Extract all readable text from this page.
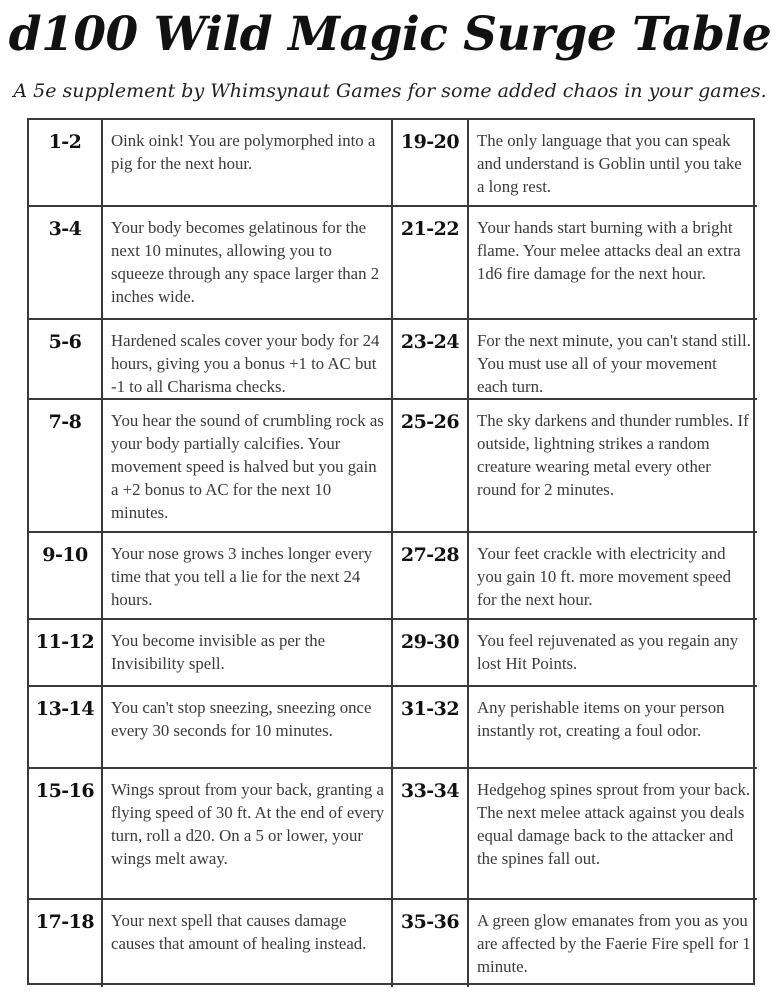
d100 Wild Magic Surge Table
A 5e supplement by Whimsynaut Games for some added chaos in your games.
1-2	Oink oink! You are polymorphed into a pig for the next hour.
3-4	Your body becomes gelatinous for the next 10 minutes, allowing you to squeeze through any space larger than 2 inches wide.
5-6	Hardened scales cover your body for 24 hours, giving you a bonus +1 to AC but -1 to all Charisma checks.
7-8	You hear the sound of crumbling rock as your body partially calcifies. Your movement speed is halved but you gain a +2 bonus to AC for the next 10 minutes.
9-10	Your nose grows 3 inches longer every time that you tell a lie for the next 24 hours.
11-12	You become invisible as per the Invisibility spell.
13-14	You can't stop sneezing, sneezing once every 30 seconds for 10 minutes.
15-16	Wings sprout from your back, granting a flying speed of 30 ft. At the end of every turn, roll a d20. On a 5 or lower, your wings melt away.
17-18	Your next spell that causes damage causes that amount of healing instead.
19-20	The only language that you can speak and understand is Goblin until you take a long rest.
21-22	Your hands start burning with a bright flame. Your melee attacks deal an extra 1d6 fire damage for the next hour.
23-24	For the next minute, you can't stand still. You must use all of your movement each turn.
25-26	The sky darkens and thunder rumbles. If outside, lightning strikes a random creature wearing metal every other round for 2 minutes.
27-28	Your feet crackle with electricity and you gain 10 ft. more movement speed for the next hour.
29-30	You feel rejuvenated as you regain any lost Hit Points.
31-32	Any perishable items on your person instantly rot, creating a foul odor.
33-34	Hedgehog spines sprout from your back. The next melee attack against you deals equal damage back to the attacker and the spines fall out.
35-36	A green glow emanates from you as you are affected by the Faerie Fire spell for 1 minute.
